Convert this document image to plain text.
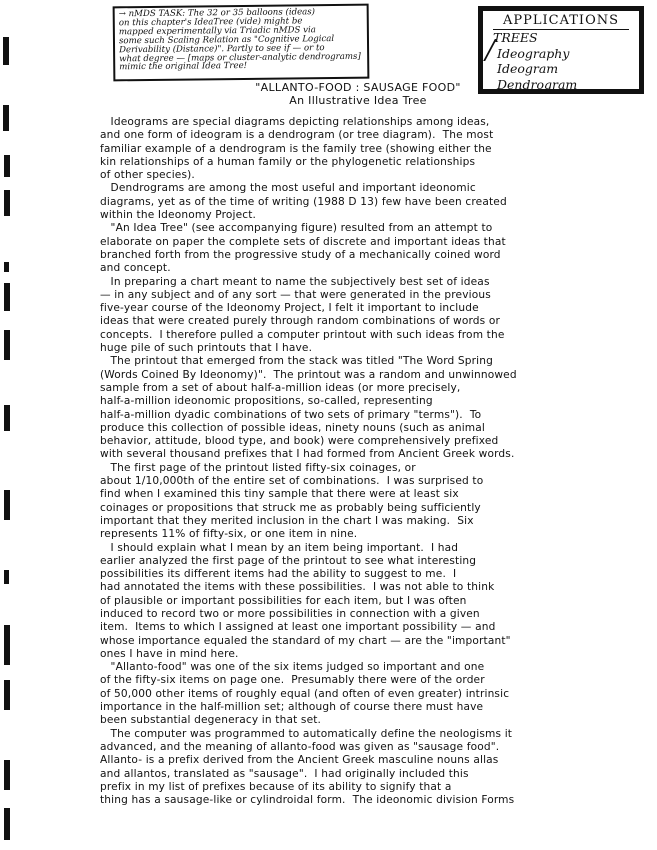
→ nMDS TASK: The 32 or 35 balloons (ideas)
on this chapter's IdeaTree (vide) might be
mapped experimentally via Triadic nMDS via
some such Scaling Relation as "Cognitive Logical
Derivability (Distance)". Partly to see if — or to
what degree — [maps or cluster-analytic dendrograms]
mimic the original Idea Tree!
APPLICATIONS
TREES
Ideography
Ideogram
Dendrogram
"ALLANTO-FOOD : SAUSAGE FOOD"
An Illustrative Idea Tree
Ideograms are special diagrams depicting relationships among ideas,
and one form of ideogram is a dendrogram (or tree diagram).  The most
familiar example of a dendrogram is the family tree (showing either the
kin relationships of a human family or the phylogenetic relationships
of other species).
Dendrograms are among the most useful and important ideonomic
diagrams, yet as of the time of writing (1988 D 13) few have been created
within the Ideonomy Project.
"An Idea Tree" (see accompanying figure) resulted from an attempt to
elaborate on paper the complete sets of discrete and important ideas that
branched forth from the progressive study of a mechanically coined word
and concept.
In preparing a chart meant to name the subjectively best set of ideas
— in any subject and of any sort — that were generated in the previous
five-year course of the Ideonomy Project, I felt it important to include
ideas that were created purely through random combinations of words or
concepts.  I therefore pulled a computer printout with such ideas from the
huge pile of such printouts that I have.
The printout that emerged from the stack was titled "The Word Spring
(Words Coined By Ideonomy)".  The printout was a random and unwinnowed
sample from a set of about half-a-million ideas (or more precisely,
half-a-million ideonomic propositions, so-called, representing
half-a-million dyadic combinations of two sets of primary "terms").  To
produce this collection of possible ideas, ninety nouns (such as animal
behavior, attitude, blood type, and book) were comprehensively prefixed
with several thousand prefixes that I had formed from Ancient Greek words.
The first page of the printout listed fifty-six coinages, or
about 1/10,000th of the entire set of combinations.  I was surprised to
find when I examined this tiny sample that there were at least six
coinages or propositions that struck me as probably being sufficiently
important that they merited inclusion in the chart I was making.  Six
represents 11% of fifty-six, or one item in nine.
I should explain what I mean by an item being important.  I had
earlier analyzed the first page of the printout to see what interesting
possibilities its different items had the ability to suggest to me.  I
had annotated the items with these possibilities.  I was not able to think
of plausible or important possibilities for each item, but I was often
induced to record two or more possibilities in connection with a given
item.  Items to which I assigned at least one important possibility — and
whose importance equaled the standard of my chart — are the "important"
ones I have in mind here.
"Allanto-food" was one of the six items judged so important and one
of the fifty-six items on page one.  Presumably there were of the order
of 50,000 other items of roughly equal (and often of even greater) intrinsic
importance in the half-million set; although of course there must have
been substantial degeneracy in that set.
The computer was programmed to automatically define the neologisms it
advanced, and the meaning of allanto-food was given as "sausage food".
Allanto- is a prefix derived from the Ancient Greek masculine nouns allas
and allantos, translated as "sausage".  I had originally included this
prefix in my list of prefixes because of its ability to signify that a
thing has a sausage-like or cylindroidal form.  The ideonomic division Forms
